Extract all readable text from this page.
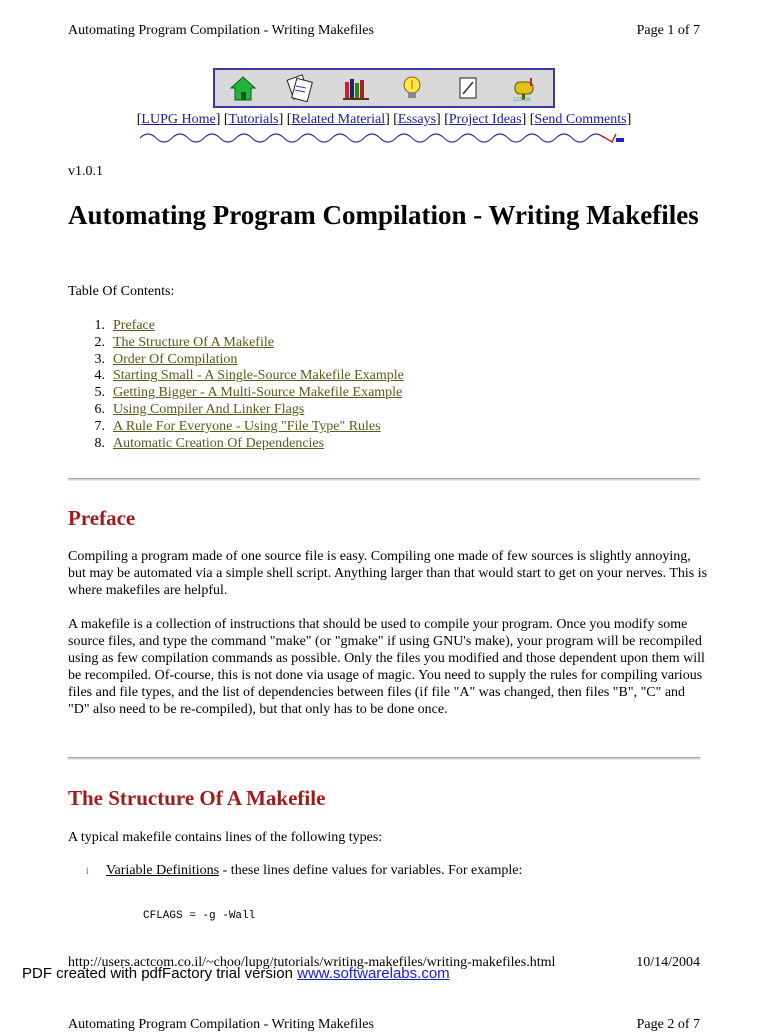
Automating Program Compilation - Writing Makefiles	Page 1 of 7
123456
[LUPG Home] [Tutorials] [Related Material] [Essays] [Project Ideas] [Send Comments]
v1.0.1
Automating Program Compilation - Writing Makefiles
Table Of Contents:
1. Preface
2. The Structure Of A Makefile
3. Order Of Compilation
4. Starting Small - A Single-Source Makefile Example
5. Getting Bigger - A Multi-Source Makefile Example
6. Using Compiler And Linker Flags
7. A Rule For Everyone - Using "File Type" Rules
8. Automatic Creation Of Dependencies
Preface

Compiling a program made of one source file is easy. Compiling one made of few sources is slightly annoying, but may be automated via a simple shell script. Anything larger than that would start to get on your nerves. This is where makefiles are helpful.

A makefile is a collection of instructions that should be used to compile your program. Once you modify some source files, and type the command "make" (or "gmake" if using GNU's make), your program will be recompiled using as few compilation commands as possible. Only the files you modified and those dependent upon them will be recompiled. Of-course, this is not done via usage of magic. You need to supply the rules for compiling various files and file types, and the list of dependencies between files (if file "A" was changed, then files "B", "C" and "D" also need to be re-compiled), but that only has to be done once.

The Structure Of A Makefile

A typical makefile contains lines of the following types:

l	Variable Definitions - these lines define values for variables. For example:
CFLAGS = -g -Wall
http://users.actcom.co.il/~choo/lupg/tutorials/writing-makefiles/writing-makefiles.html	10/14/2004
PDF created with pdfFactory trial version www.softwarelabs.com
Automating Program Compilation - Writing Makefiles	Page 2 of 7
